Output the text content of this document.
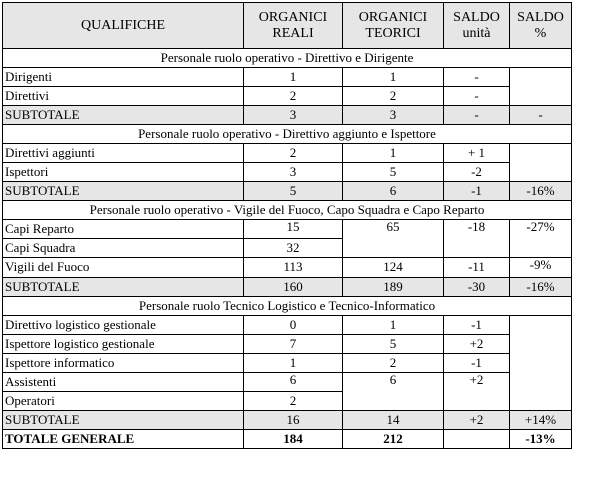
QUALIFICHE	ORGANICI REALI	ORGANICI TEORICI	SALDO unità	SALDO %
Personale ruolo operativo - Direttivo e Dirigente				
Dirigenti	1	1	-	
Direttivi	2	2	-	
SUBTOTALE	3	3	-	-
Personale ruolo operativo - Direttivo aggiunto e Ispettore				
Direttivi aggiunti	2	1	+ 1	
Ispettori	3	5	-2	
SUBTOTALE	5	6	-1	-16%
Personale ruolo operativo - Vigile del Fuoco, Capo Squadra e Capo Reparto				
Capi Reparto	15	65	-18	-27%
Capi Squadra	32			
Vigili del Fuoco	113	124	-11	-9%
SUBTOTALE	160	189	-30	-16%
Personale ruolo Tecnico Logistico e Tecnico-Informatico				
Direttivo logistico gestionale	0	1	-1	
Ispettore logistico gestionale	7	5	+2	
Ispettore informatico	1	2	-1	
Assistenti	6	6	+2	
Operatori	2			
SUBTOTALE	16	14	+2	+14%
TOTALE GENERALE	184	212		-13%
